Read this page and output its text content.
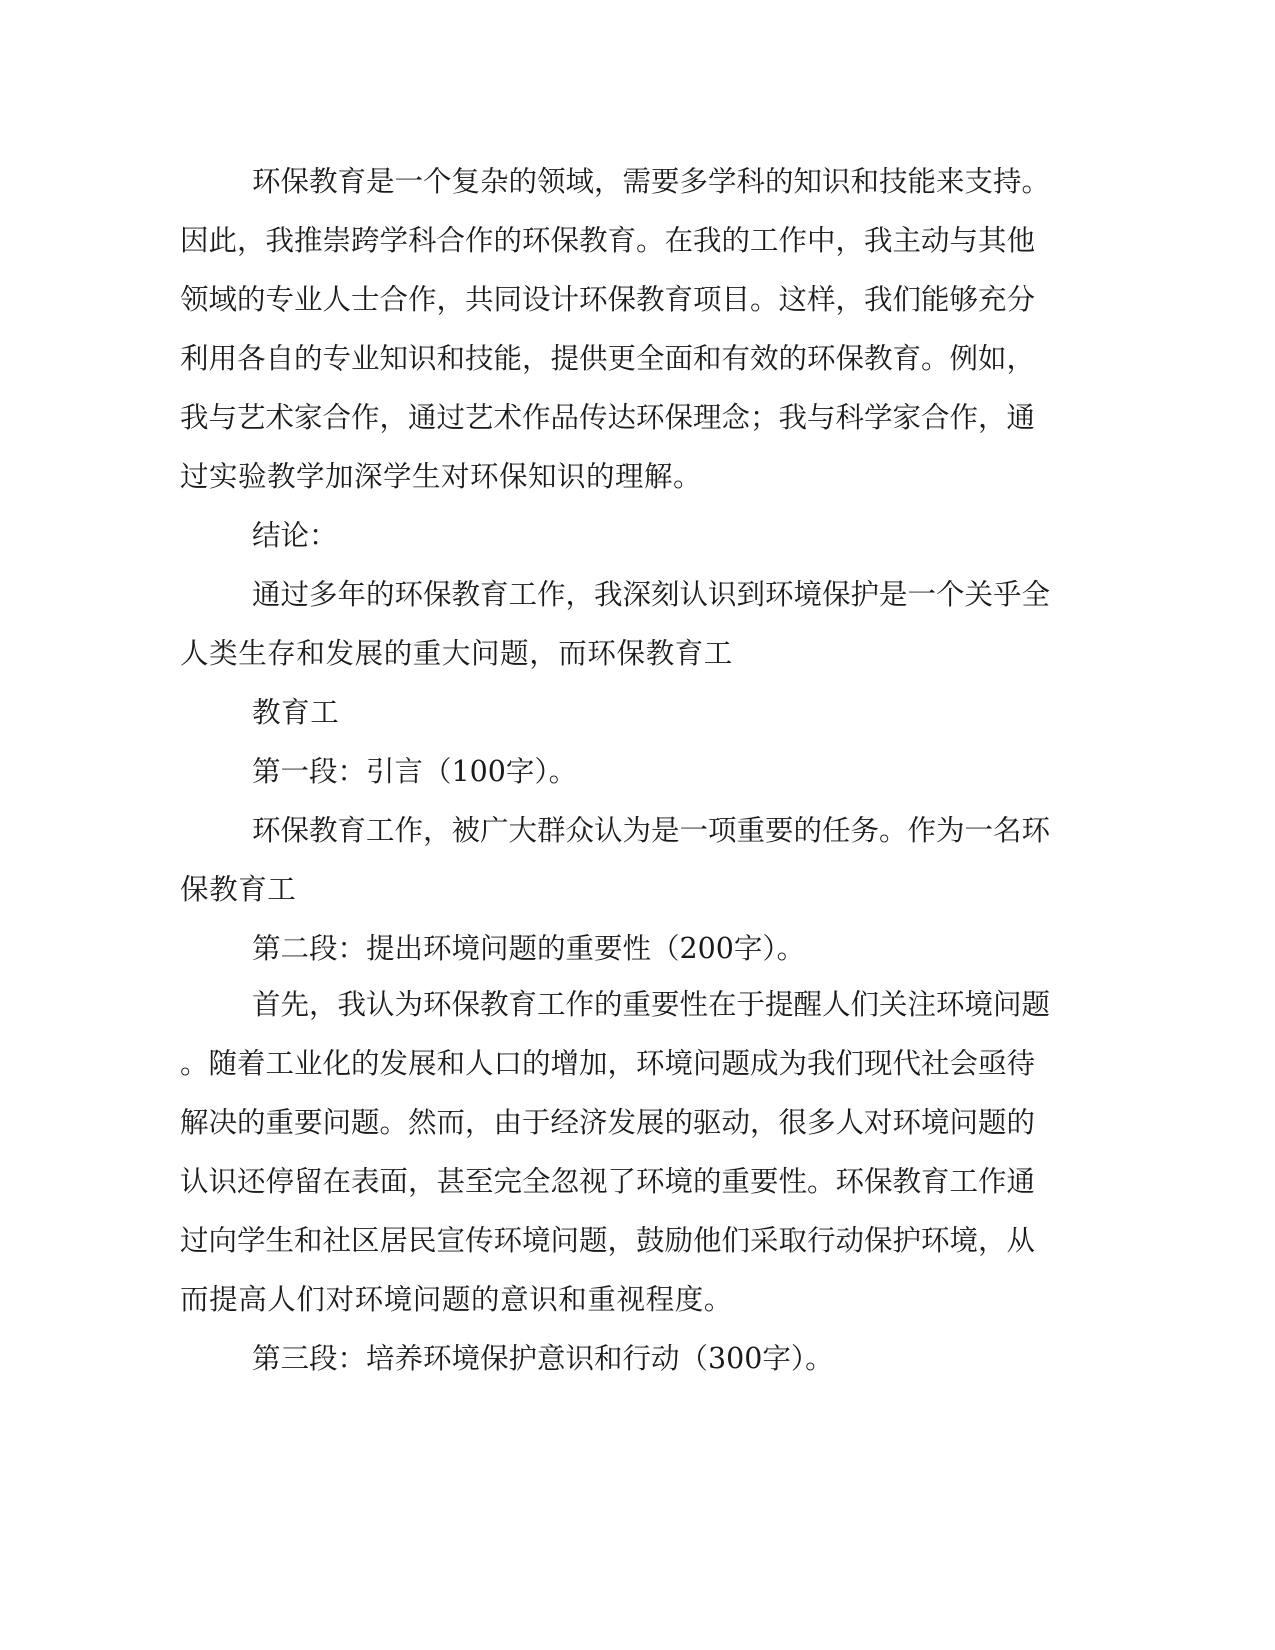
环保教育是一个复杂的领域，需要多学科的知识和技能来支持。

因此，我推崇跨学科合作的环保教育。在我的工作中，我主动与其他

领域的专业人士合作，共同设计环保教育项目。这样，我们能够充分

利用各自的专业知识和技能，提供更全面和有效的环保教育。例如，

我与艺术家合作，通过艺术作品传达环保理念；我与科学家合作，通

过实验教学加深学生对环保知识的理解。

结论：

通过多年的环保教育工作，我深刻认识到环境保护是一个关乎全

人类生存和发展的重大问题，而环保教育工

教育工

第一段：引言（100字）。

环保教育工作，被广大群众认为是一项重要的任务。作为一名环

保教育工

第二段：提出环境问题的重要性（200字）。

首先，我认为环保教育工作的重要性在于提醒人们关注环境问题

。随着工业化的发展和人口的增加，环境问题成为我们现代社会亟待

解决的重要问题。然而，由于经济发展的驱动，很多人对环境问题的

认识还停留在表面，甚至完全忽视了环境的重要性。环保教育工作通

过向学生和社区居民宣传环境问题，鼓励他们采取行动保护环境，从

而提高人们对环境问题的意识和重视程度。

第三段：培养环境保护意识和行动（300字）。
